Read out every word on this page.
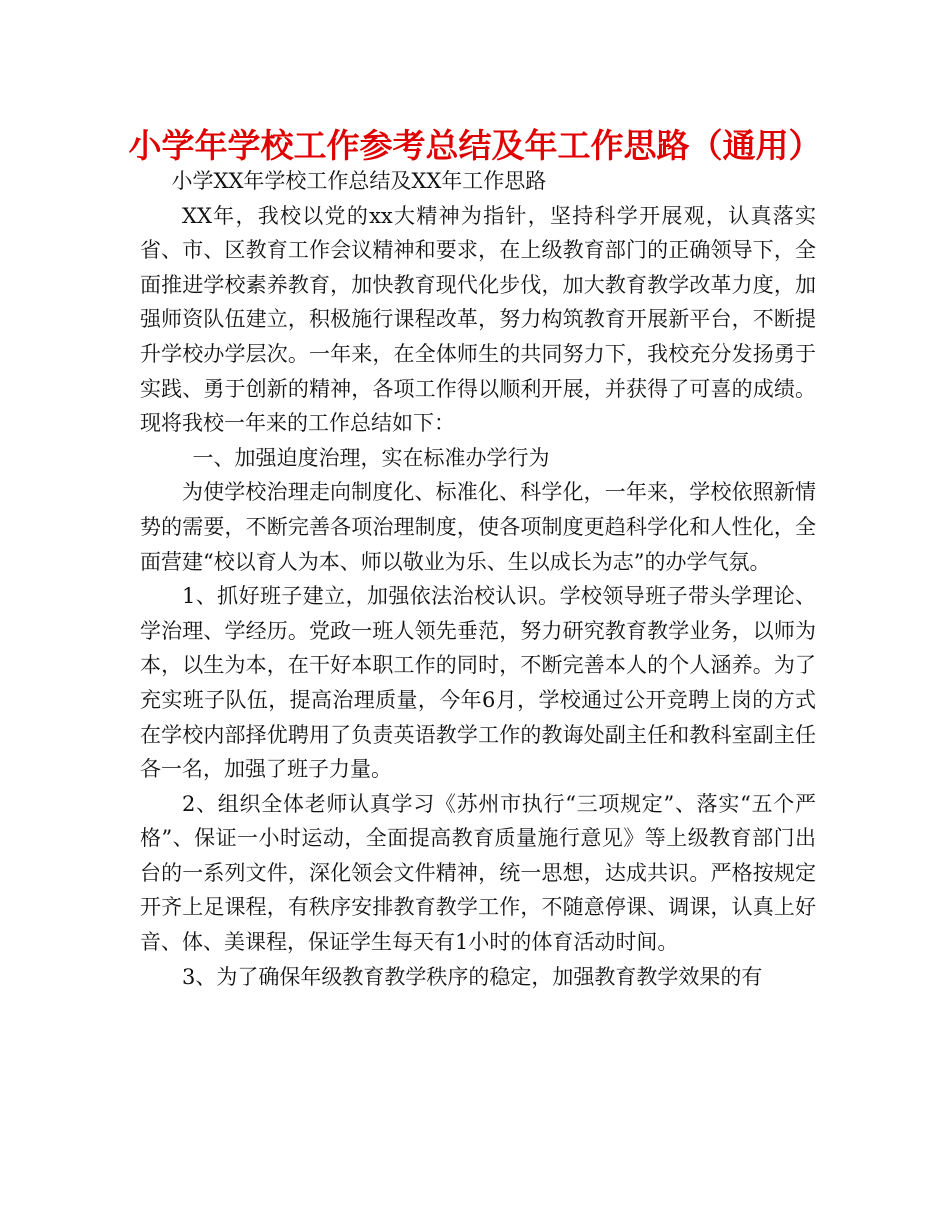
小学年学校工作参考总结及年工作思路（通用）

小学XX年学校工作总结及XX年工作思路

XX年，我校以党的xx大精神为指针，坚持科学开展观，认真落实省、市、区教育工作会议精神和要求，在上级教育部门的正确领导下，全面推进学校素养教育，加快教育现代化步伐，加大教育教学改革力度，加强师资队伍建立，积极施行课程改革，努力构筑教育开展新平台，不断提升学校办学层次。一年来，在全体师生的共同努力下，我校充分发扬勇于实践、勇于创新的精神，各项工作得以顺利开展，并获得了可喜的成绩。现将我校一年来的工作总结如下：

一、加强迫度治理，实在标准办学行为

为使学校治理走向制度化、标准化、科学化，一年来，学校依照新情势的需要，不断完善各项治理制度，使各项制度更趋科学化和人性化，全面营建“校以育人为本、师以敬业为乐、生以成长为志”的办学气氛。

1、抓好班子建立，加强依法治校认识。学校领导班子带头学理论、学治理、学经历。党政一班人领先垂范，努力研究教育教学业务，以师为本，以生为本，在干好本职工作的同时，不断完善本人的个人涵养。为了充实班子队伍，提高治理质量，今年6月，学校通过公开竞聘上岗的方式在学校内部择优聘用了负责英语教学工作的教诲处副主任和教科室副主任各一名，加强了班子力量。

2、组织全体老师认真学习《苏州市执行“三项规定”、落实“五个严格”、保证一小时运动，全面提高教育质量施行意见》等上级教育部门出台的一系列文件，深化领会文件精神，统一思想，达成共识。严格按规定开齐上足课程，有秩序安排教育教学工作，不随意停课、调课，认真上好音、体、美课程，保证学生每天有1小时的体育活动时间。

3、为了确保年级教育教学秩序的稳定，加强教育教学效果的有
